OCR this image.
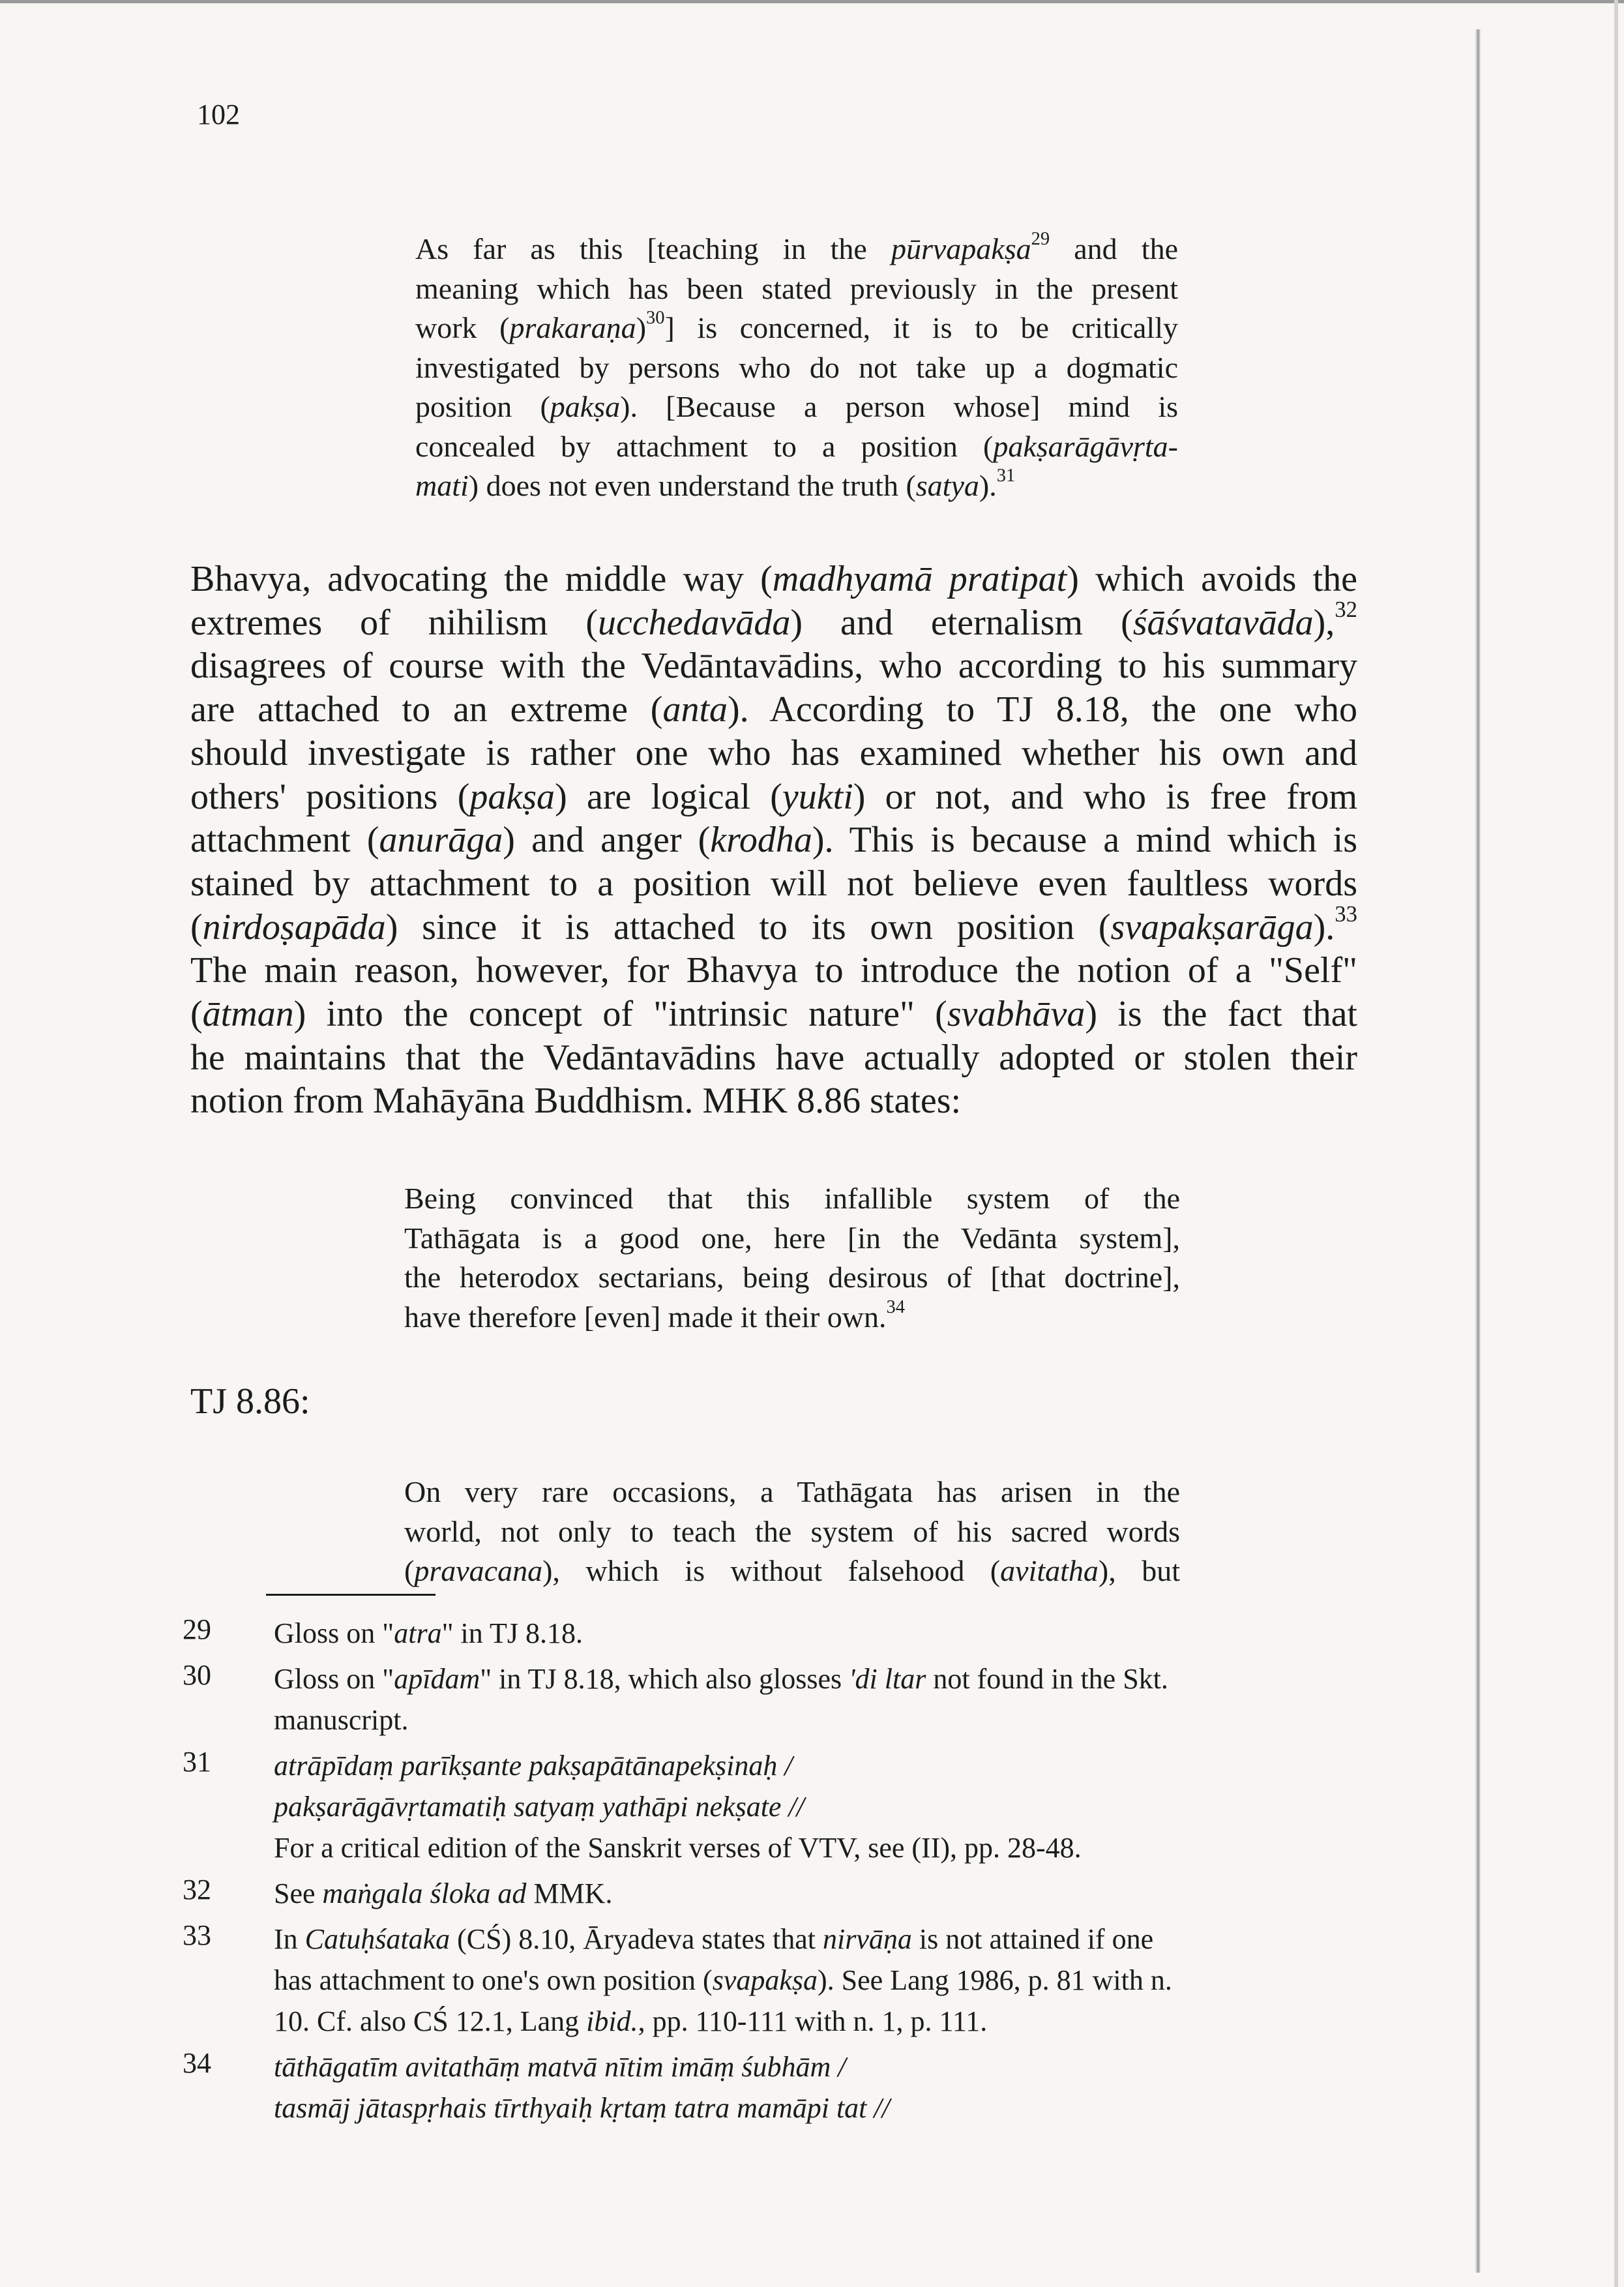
102
As far as this [teaching in the pūrvapakṣa$^{29}$ and the
meaning which has been stated previously in the present
work (prakaraṇa)$^{30}$] is concerned, it is to be critically
investigated by persons who do not take up a dogmatic
position (pakṣa). [Because a person whose] mind is
concealed by attachment to a position (pakṣarāgāvṛta-
mati) does not even understand the truth (satya).$^{31}$
Bhavya, advocating the middle way (madhyamā pratipat) which avoids the
extremes of nihilism (ucchedavāda) and eternalism (śāśvatavāda),$^{32}$
disagrees of course with the Vedāntavādins, who according to his summary
are attached to an extreme (anta). According to TJ 8.18, the one who
should investigate is rather one who has examined whether his own and
others' positions (pakṣa) are logical (yukti) or not, and who is free from
attachment (anurāga) and anger (krodha). This is because a mind which is
stained by attachment to a position will not believe even faultless words
(nirdoṣapāda) since it is attached to its own position (svapakṣarāga).$^{33}$
The main reason, however, for Bhavya to introduce the notion of a "Self"
(ātman) into the concept of "intrinsic nature" (svabhāva) is the fact that
he maintains that the Vedāntavādins have actually adopted or stolen their
notion from Mahāyāna Buddhism. MHK 8.86 states:
Being convinced that this infallible system of the
Tathāgata is a good one, here [in the Vedānta system],
the heterodox sectarians, being desirous of [that doctrine],
have therefore [even] made it their own.$^{34}$
TJ 8.86:
On very rare occasions, a Tathāgata has arisen in the
world, not only to teach the system of his sacred words
(pravacana), which is without falsehood (avitatha), but
29	Gloss on "atra" in TJ 8.18.
30	Gloss on "apīdam" in TJ 8.18, which also glosses 'di ltar not found in the Skt.
manuscript.
31	atrāpīdaṃ parīkṣante pakṣapātānapekṣinaḥ /
pakṣarāgāvṛtamatiḥ satyaṃ yathāpi nekṣate //
For a critical edition of the Sanskrit verses of VTV, see (II), pp. 28-48.
32	See maṅgala śloka ad MMK.
33	In Catuḥśataka (CŚ) 8.10, Āryadeva states that nirvāṇa is not attained if one
has attachment to one's own position (svapakṣa). See Lang 1986, p. 81 with n.
10. Cf. also CŚ 12.1, Lang ibid., pp. 110-111 with n. 1, p. 111.
34	tāthāgatīm avitathāṃ matvā nītim imāṃ śubhām /
tasmāj jātaspṛhais tīrthyaiḥ kṛtaṃ tatra mamāpi tat //
